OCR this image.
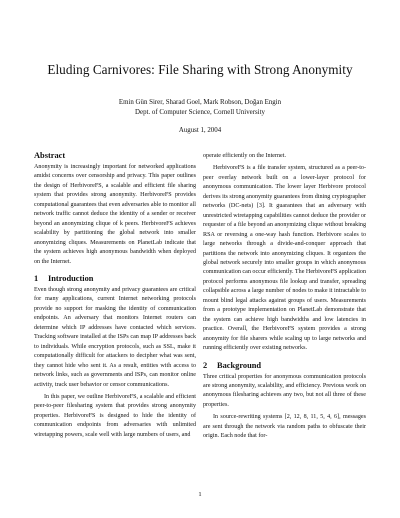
Eluding Carnivores: File Sharing with Strong Anonymity
Emin Gün Sirer, Sharad Goel, Mark Robson, Doğan Engin
Dept. of Computer Science, Cornell University
August 1, 2004
Abstract

Anonymity is increasingly important for networked applications amidst concerns over censorship and privacy. This paper outlines the design of HerbivoreFS, a scalable and efficient file sharing system that provides strong anonymity. HerbivoreFS provides computational guarantees that even adversaries able to monitor all network traffic cannot deduce the identity of a sender or receiver beyond an anonymizing clique of k peers. HerbivoreFS achieves scalability by partitioning the global network into smaller anonymizing cliques. Measurements on PlanetLab indicate that the system achieves high anonymous bandwidth when deployed on the Internet.

1 Introduction

Even though strong anonymity and privacy guarantees are critical for many applications, current Internet networking protocols provide no support for masking the identity of communication endpoints. An adversary that monitors Internet routers can determine which IP addresses have contacted which services. Tracking software installed at the ISPs can map IP addresses back to individuals. While encryption protocols, such as SSL, make it computationally difficult for attackers to decipher what was sent, they cannot hide who sent it. As a result, entities with access to network links, such as governments and ISPs, can monitor online activity, track user behavior or censor communications.

In this paper, we outline HerbivoreFS, a scalable and efficient peer-to-peer filesharing system that provides strong anonymity properties. HerbivoreFS is designed to hide the identity of communication endpoints from adversaries with unlimited wiretapping powers, scale well with large numbers of users, and

operate efficiently on the Internet.

HerbivoreFS is a file transfer system, structured as a peer-to-peer overlay network built on a lower-layer protocol for anonymous communication. The lower layer Herbivore protocol derives its strong anonymity guarantees from dining cryptographer networks (DC-nets) [3]. It guarantees that an adversary with unrestricted wiretapping capabilities cannot deduce the provider or requester of a file beyond an anonymizing clique without breaking RSA or reversing a one-way hash function. Herbivore scales to large networks through a divide-and-conquer approach that partitions the network into anonymizing cliques. It organizes the global network securely into smaller groups in which anonymous communication can occur efficiently. The HerbivoreFS application protocol performs anonymous file lookup and transfer, spreading collapsible across a large number of nodes to make it intractable to mount blind legal attacks against groups of users. Measurements from a prototype implementation on PlanetLab demonstrate that the system can achieve high bandwidths and low latencies in practice. Overall, the HerbivoreFS system provides a strong anonymity for file sharers while scaling up to large networks and running efficiently over existing networks.

2 Background

Three critical properties for anonymous communication protocols are strong anonymity, scalability, and efficiency. Previous work on anonymous filesharing achieves any two, but not all three of these properties.

In source-rewriting systems [2, 12, 8, 11, 5, 4, 6], messages are sent through the network via random paths to obfuscate their origin. Each node that for-

1
